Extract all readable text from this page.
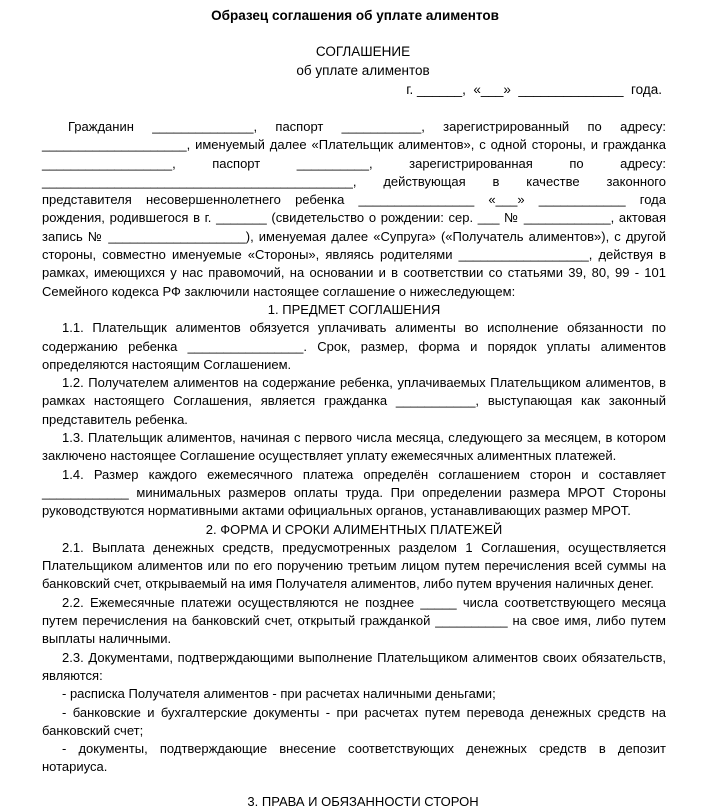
Образец соглашения об уплате алиментов
СОГЛАШЕНИЕ
об уплате алиментов
г. ______,  «___»  ______________  года.

Гражданин ______________, паспорт ___________, зарегистрированный по адресу: ____________________, именуемый далее «Плательщик алиментов», с одной стороны, и гражданка __________________, паспорт __________, зарегистрированная по адресу: ___________________________________________, действующая в качестве законного представителя несовершеннолетнего ребенка ________________ «___» ____________ года рождения, родившегося в г. _______ (свидетельство о рождении: сер. ___ № ____________, актовая запись № ___________________), именуемая далее «Супруга» («Получатель алиментов»), с другой стороны, совместно именуемые «Стороны», являясь родителями __________________, действуя в рамках, имеющихся у нас правомочий, на основании и в соответствии со статьями 39, 80, 99 - 101 Семейного кодекса РФ заключили настоящее соглашение о нижеследующем:

1. ПРЕДМЕТ СОГЛАШЕНИЯ

1.1. Плательщик алиментов обязуется уплачивать алименты во исполнение обязанности по содержанию ребенка ________________. Срок, размер, форма и порядок уплаты алиментов определяются настоящим Соглашением.

1.2. Получателем алиментов на содержание ребенка, уплачиваемых Плательщиком алиментов, в рамках настоящего Соглашения, является гражданка ___________, выступающая как законный представитель ребенка.

1.3. Плательщик алиментов, начиная с первого числа месяца, следующего за месяцем, в котором заключено настоящее Соглашение осуществляет уплату ежемесячных алиментных платежей.

1.4. Размер каждого ежемесячного платежа определён соглашением сторон и составляет ____________ минимальных размеров оплаты труда. При определении размера МРОТ Стороны руководствуются нормативными актами официальных органов, устанавливающих размер МРОТ.

2. ФОРМА И СРОКИ АЛИМЕНТНЫХ ПЛАТЕЖЕЙ

2.1. Выплата денежных средств, предусмотренных разделом 1 Соглашения, осуществляется Плательщиком алиментов или по его поручению третьим лицом путем перечисления всей суммы на банковский счет, открываемый на имя Получателя алиментов, либо путем вручения наличных денег.

2.2. Ежемесячные платежи осуществляются не позднее _____ числа соответствующего месяца путем перечисления на банковский счет, открытый гражданкой __________ на свое имя, либо путем выплаты наличными.

2.3. Документами, подтверждающими выполнение Плательщиком алиментов своих обязательств, являются:

- расписка Получателя алиментов - при расчетах наличными деньгами;

- банковские и бухгалтерские документы - при расчетах путем перевода денежных средств на банковский счет;

- документы, подтверждающие внесение соответствующих денежных средств в депозит нотариуса.

3. ПРАВА И ОБЯЗАННОСТИ СТОРОН
